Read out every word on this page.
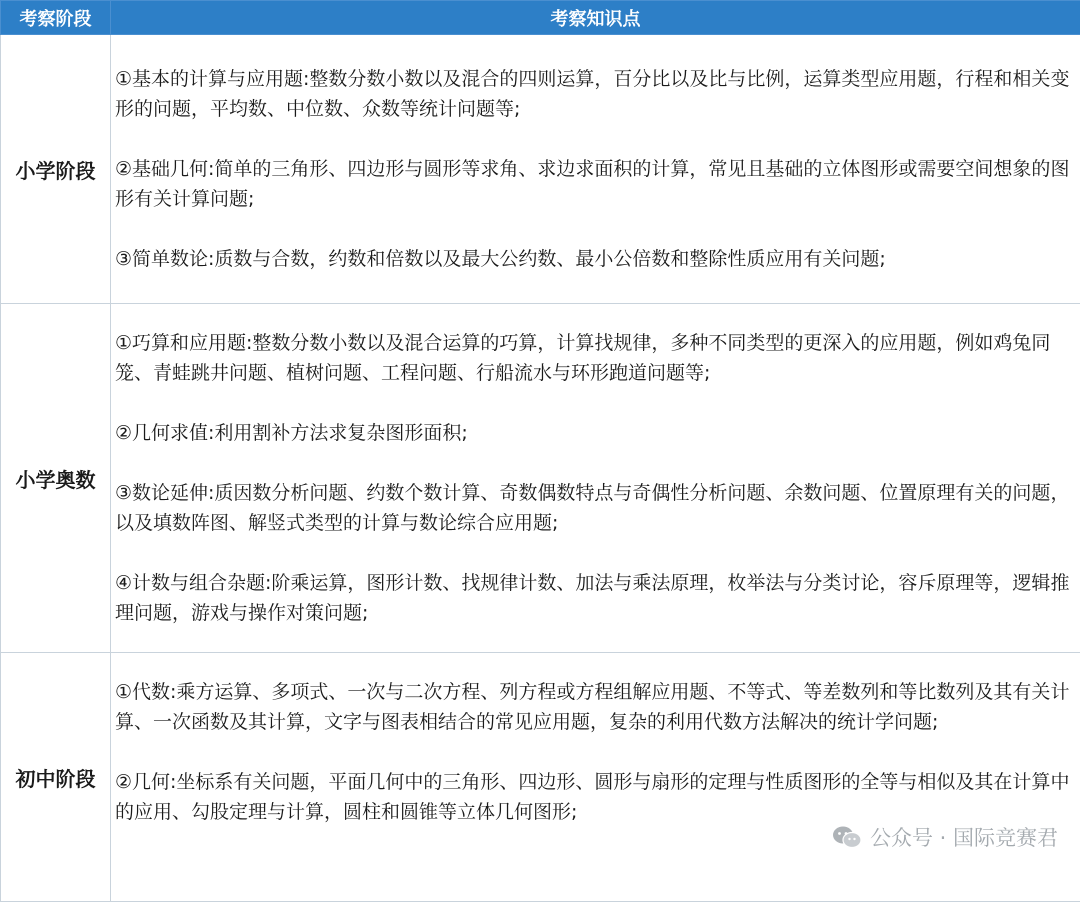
考察阶段	考察知识点
小学阶段	①基本的计算与应用题:整数分数小数以及混合的四则运算，百分比以及比与比例，运算类型应用题，行程和相关变形的问题，平均数、中位数、众数等统计问题等;

②基础几何:简单的三角形、四边形与圆形等求角、求边求面积的计算，常见且基础的立体图形或需要空间想象的图形有关计算问题;

③简单数论:质数与合数，约数和倍数以及最大公约数、最小公倍数和整除性质应用有关问题;

小学奥数	①巧算和应用题:整数分数小数以及混合运算的巧算，计算找规律，多种不同类型的更深入的应用题，例如鸡兔同笼、青蛙跳井问题、植树问题、工程问题、行船流水与环形跑道问题等;

②几何求值:利用割补方法求复杂图形面积;

③数论延伸:质因数分析问题、约数个数计算、奇数偶数特点与奇偶性分析问题、余数问题、位置原理有关的问题，以及填数阵图、解竖式类型的计算与数论综合应用题;

④计数与组合杂题:阶乘运算，图形计数、找规律计数、加法与乘法原理，枚举法与分类讨论，容斥原理等，逻辑推理问题，游戏与操作对策问题;

初中阶段	①代数:乘方运算、多项式、一次与二次方程、列方程或方程组解应用题、不等式、等差数列和等比数列及其有关计算、一次函数及其计算，文字与图表相结合的常见应用题，复杂的利用代数方法解决的统计学问题;

②几何:坐标系有关问题，平面几何中的三角形、四边形、圆形与扇形的定理与性质图形的全等与相似及其在计算中的应用、勾股定理与计算，圆柱和圆锥等立体几何图形;

公众号 · 国际竞赛君
